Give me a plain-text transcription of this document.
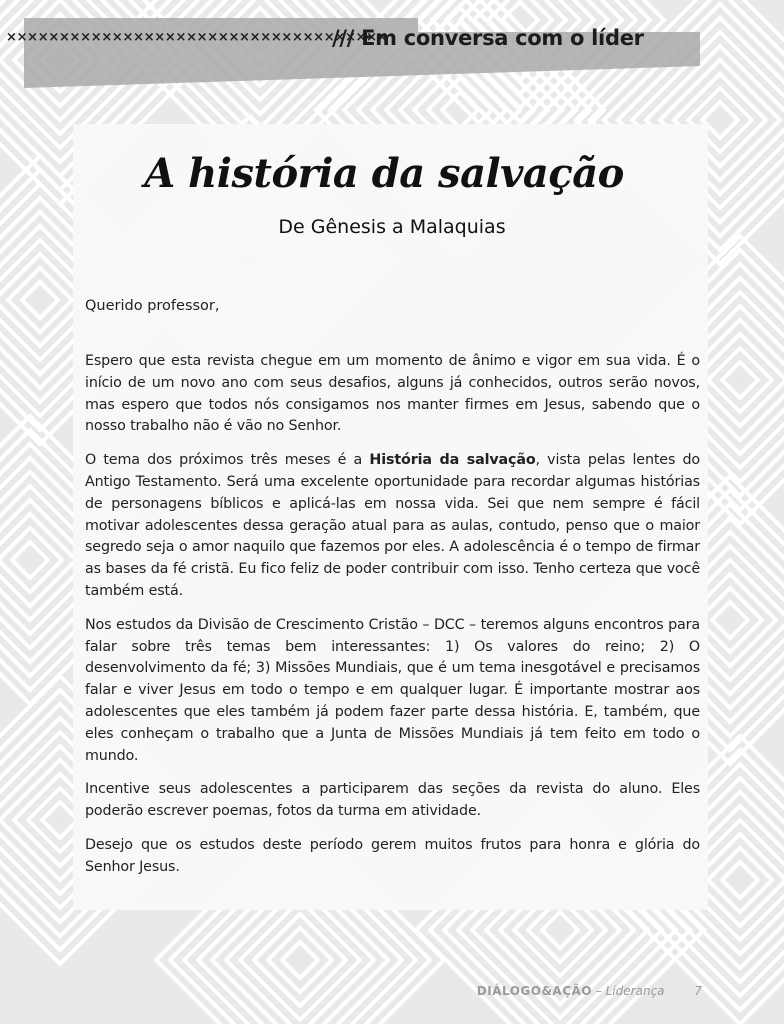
××××××××××××××××××××××××××××××××××××
/// Em conversa com o líder
A história da salvação
De Gênesis a Malaquias
Querido professor,

Espero que esta revista chegue em um momento de ânimo e vigor em sua vida. É o início de um novo ano com seus desafios, alguns já conhecidos, outros serão novos, mas espero que todos nós consigamos nos manter firmes em Jesus, sabendo que o nosso trabalho não é vão no Senhor.

O tema dos próximos três meses é a História da salvação, vista pelas lentes do Antigo Testamento. Será uma excelente oportunidade para recordar algumas histórias de personagens bíblicos e aplicá-las em nossa vida. Sei que nem sempre é fácil motivar adolescentes dessa geração atual para as aulas, contudo, penso que o maior segredo seja o amor naquilo que fazemos por eles. A adolescência é o tempo de firmar as bases da fé cristã. Eu fico feliz de poder contribuir com isso. Tenho certeza que você também está.

Nos estudos da Divisão de Crescimento Cristão – DCC – teremos alguns encontros para falar sobre três temas bem interessantes: 1) Os valores do reino; 2) O desenvolvimento da fé; 3) Missões Mundiais, que é um tema inesgotável e precisamos falar e viver Jesus em todo o tempo e em qualquer lugar. É importante mostrar aos adolescentes que eles também já podem fazer parte dessa história. E, também, que eles conheçam o trabalho que a Junta de Missões Mundiais já tem feito em todo o mundo.

Incentive seus adolescentes a participarem das seções da revista do aluno. Eles poderão escrever poemas, fotos da turma em atividade.

Desejo que os estudos deste período gerem muitos frutos para honra e glória do Senhor Jesus.

DIÁLOGO&AÇÃO – Liderança 7
